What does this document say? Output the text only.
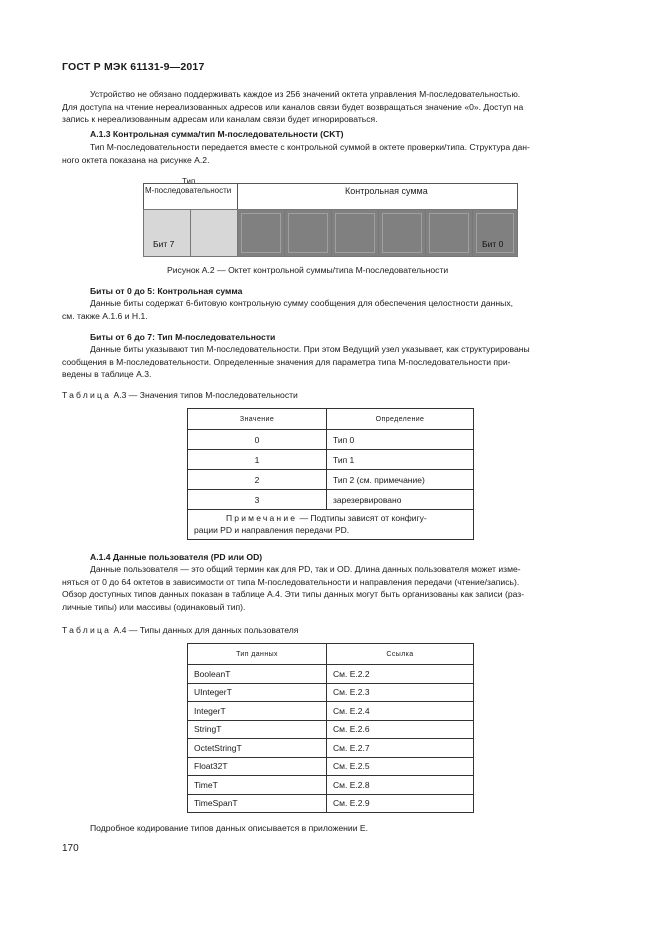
ГОСТ Р МЭК 61131-9—2017
Устройство не обязано поддерживать каждое из 256 значений октета управления М-последовательностью.
Для доступа на чтение нереализованных адресов или каналов связи будет возвращаться значение «0». Доступ на
запись к нереализованным адресам или каналам связи будет игнорироваться.
A.1.3 Контрольная сумма/тип М-последовательности (CKT)
Тип М-последовательности передается вместе с контрольной суммой в октете проверки/типа. Структура дан-
ного октета показана на рисунке А.2.
Тип
М-последовательности	Контрольная сумма
Бит 7	Бит 0
Рисунок А.2 — Октет контрольной суммы/типа М-последовательности
Биты от 0 до 5: Контрольная сумма
Данные биты содержат 6-битовую контрольную сумму сообщения для обеспечения целостности данных,
см. также А.1.6 и Н.1.
Биты от 6 до 7: Тип М-последовательности
Данные биты указывают тип М-последовательности. При этом Ведущий узел указывает, как структурированы
сообщения в М-последовательности. Определенные значения для параметра типа М-последовательности при-
ведены в таблице А.3.
Таблица А.3 — Значения типов М-последовательности
Значение	Определение
0	Тип 0
1	Тип 1
2	Тип 2 (см. примечание)
3	зарезервировано

Примечание — Подтипы зависят от конфигу-
рации PD и направления передачи PD.	
A.1.4 Данные пользователя (PD или OD)
Данные пользователя — это общий термин как для PD, так и OD. Длина данных пользователя может изме-
няться от 0 до 64 октетов в зависимости от типа М-последовательности и направления передачи (чтение/запись).
Обзор доступных типов данных показан в таблице А.4. Эти типы данных могут быть организованы как записи (раз-
личные типы) или массивы (одинаковый тип).
Таблица А.4 — Типы данных для данных пользователя
Тип данных	Ссылка
BooleanT	См. Е.2.2
UIntegerT	См. Е.2.3
IntegerT	См. Е.2.4
StringT	См. Е.2.6
OctetStringT	См. Е.2.7
Float32T	См. Е.2.5
TimeT	См. Е.2.8
TimeSpanT	См. Е.2.9
Подробное кодирование типов данных описывается в приложении Е.
170
